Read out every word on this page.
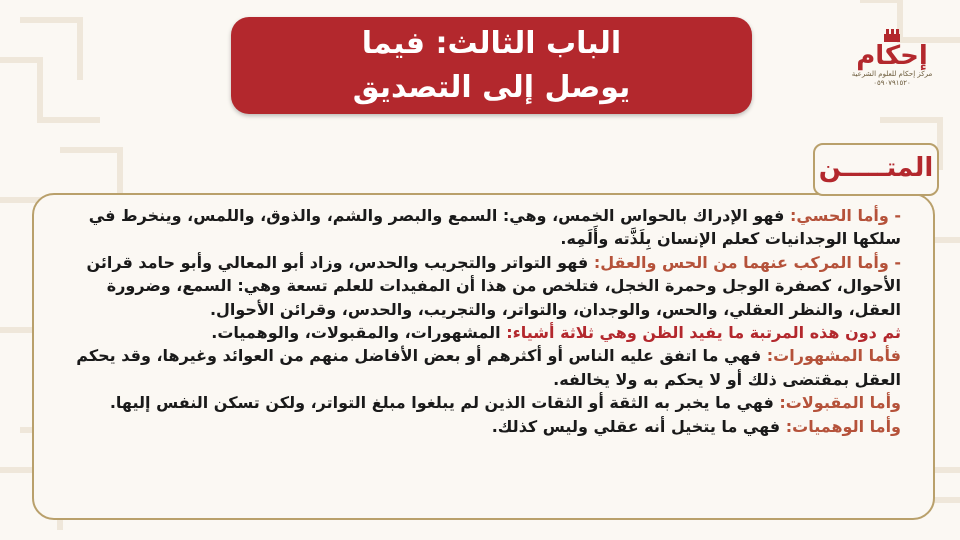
الباب الثالث: فيما
يوصل إلى التصديق
إحكام
مركز إحكام للعلوم الشرعية
٠٥٩٠٧٩١٥٢٠
المتـــــن

- وأما الحسي: فهو الإدراك بالحواس الخمس، وهي: السمع والبصر والشم، والذوق، واللمس، وينخرط في سلكها الوجدانيات كعلم الإنسان بِلَذَّته وأَلَمِه.

- وأما المركب عنهما من الحس والعقل: فهو التواتر والتجريب والحدس، وزاد أبو المعالي وأبو حامد قرائن الأحوال، كصفرة الوجل وحمرة الخجل، فتلخص من هذا أن المفيدات للعلم تسعة وهي: السمع، وضرورة العقل، والنظر العقلي، والحس، والوجدان، والتواتر، والتجريب، والحدس، وقرائن الأحوال.

ثم دون هذه المرتبة ما يفيد الظن وهي ثلاثة أشياء: المشهورات، والمقبولات، والوهميات.

فأما المشهورات: فهي ما اتفق عليه الناس أو أكثرهم أو بعض الأفاضل منهم من العوائد وغيرها، وقد يحكم العقل بمقتضى ذلك أو لا يحكم به ولا يخالفه.

وأما المقبولات: فهي ما يخبر به الثقة أو الثقات الذين لم يبلغوا مبلغ التواتر، ولكن تسكن النفس إليها.

وأما الوهميات: فهي ما يتخيل أنه عقلي وليس كذلك.
